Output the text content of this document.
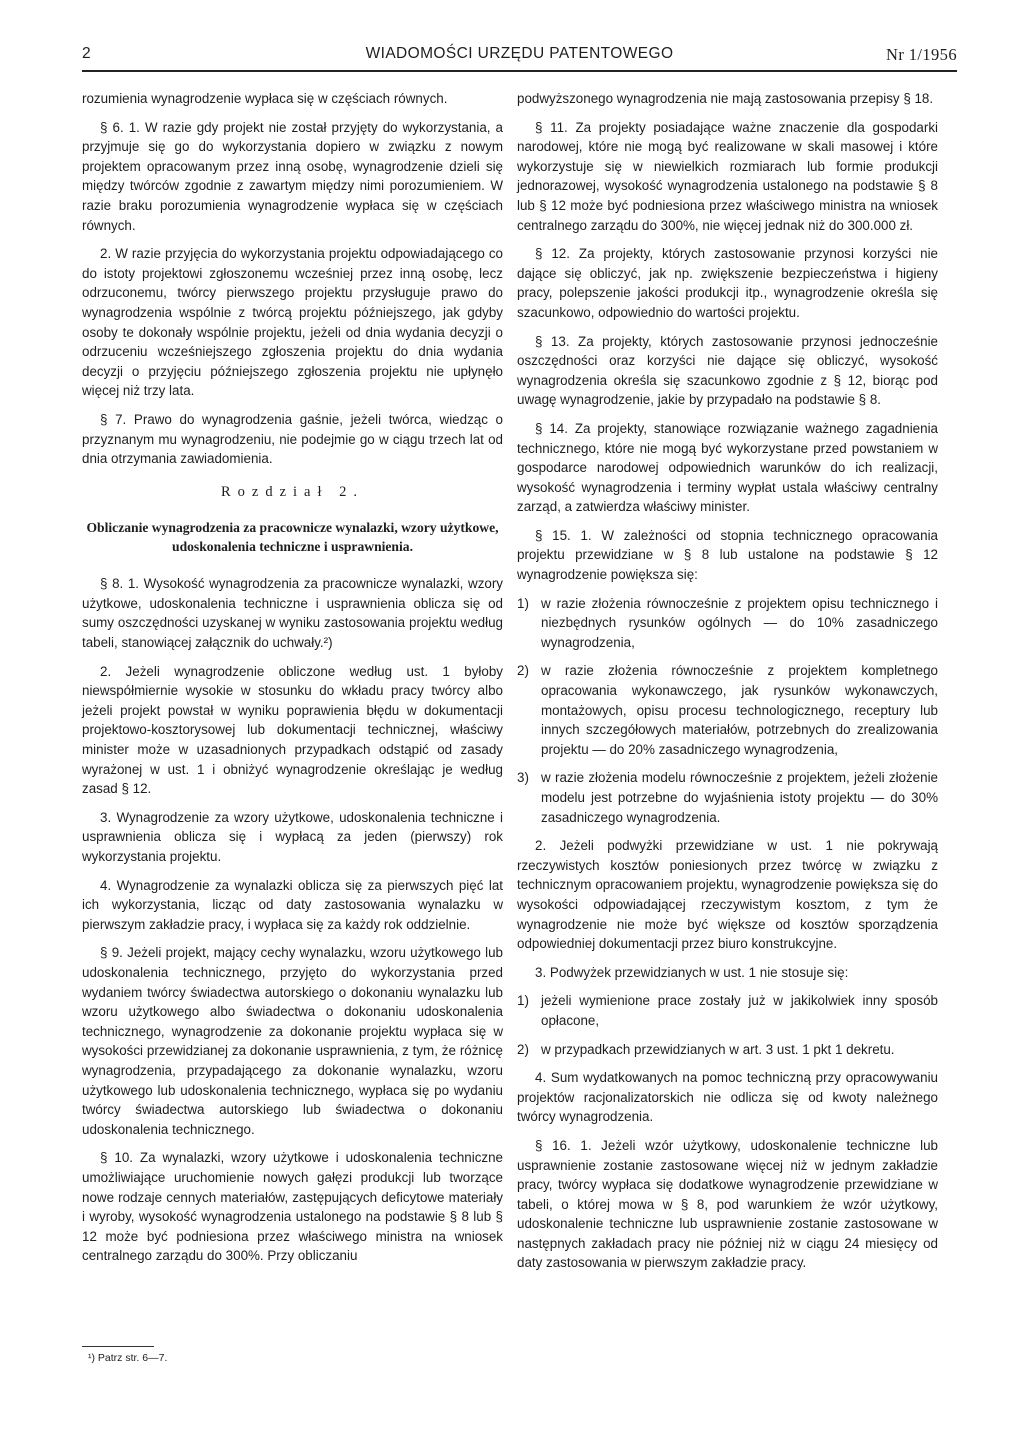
2	WIADOMOŚCI URZĘDU PATENTOWEGO	Nr 1/1956

rozumienia wynagrodzenie wypłaca się w częściach równych.

§ 6. 1. W razie gdy projekt nie został przyjęty do wykorzystania, a przyjmuje się go do wykorzystania dopiero w związku z nowym projektem opracowanym przez inną osobę, wynagrodzenie dzieli się między twórców zgodnie z zawartym między nimi porozumieniem. W razie braku porozumienia wynagrodzenie wypłaca się w częściach równych.

2. W razie przyjęcia do wykorzystania projektu odpowiadającego co do istoty projektowi zgłoszonemu wcześniej przez inną osobę, lecz odrzuconemu, twórcy pierwszego projektu przysługuje prawo do wynagrodzenia wspólnie z twórcą projektu późniejszego, jak gdyby osoby te dokonały wspólnie projektu, jeżeli od dnia wydania decyzji o odrzuceniu wcześniejszego zgłoszenia projektu do dnia wydania decyzji o przyjęciu późniejszego zgłoszenia projektu nie upłynęło więcej niż trzy lata.

§ 7. Prawo do wynagrodzenia gaśnie, jeżeli twórca, wiedząc o przyznanym mu wynagrodzeniu, nie podejmie go w ciągu trzech lat od dnia otrzymania zawiadomienia.

Rozdział 2.
Obliczanie wynagrodzenia za pracownicze wynalazki, wzory użytkowe, udoskonalenia techniczne i usprawnienia.

§ 8. 1. Wysokość wynagrodzenia za pracownicze wynalazki, wzory użytkowe, udoskonalenia techniczne i usprawnienia oblicza się od sumy oszczędności uzyskanej w wyniku zastosowania projektu według tabeli, stanowiącej załącznik do uchwały.²)

2. Jeżeli wynagrodzenie obliczone według ust. 1 byłoby niewspółmiernie wysokie w stosunku do wkładu pracy twórcy albo jeżeli projekt powstał w wyniku poprawienia błędu w dokumentacji projektowo-kosztorysowej lub dokumentacji technicznej, właściwy minister może w uzasadnionych przypadkach odstąpić od zasady wyrażonej w ust. 1 i obniżyć wynagrodzenie określając je według zasad § 12.

3. Wynagrodzenie za wzory użytkowe, udoskonalenia techniczne i usprawnienia oblicza się i wypłacą za jeden (pierwszy) rok wykorzystania projektu.

4. Wynagrodzenie za wynalazki oblicza się za pierwszych pięć lat ich wykorzystania, licząc od daty zastosowania wynalazku w pierwszym zakładzie pracy, i wypłaca się za każdy rok oddzielnie.

§ 9. Jeżeli projekt, mający cechy wynalazku, wzoru użytkowego lub udoskonalenia technicznego, przyjęto do wykorzystania przed wydaniem twórcy świadectwa autorskiego o dokonaniu wynalazku lub wzoru użytkowego albo świadectwa o dokonaniu udoskonalenia technicznego, wynagrodzenie za dokonanie projektu wypłaca się w wysokości przewidzianej za dokonanie usprawnienia, z tym, że różnicę wynagrodzenia, przypadającego za dokonanie wynalazku, wzoru użytkowego lub udoskonalenia technicznego, wypłaca się po wydaniu twórcy świadectwa autorskiego lub świadectwa o dokonaniu udoskonalenia technicznego.

§ 10. Za wynalazki, wzory użytkowe i udoskonalenia techniczne umożliwiające uruchomienie nowych gałęzi produkcji lub tworzące nowe rodzaje cennych materiałów, zastępujących deficytowe materiały i wyroby, wysokość wynagrodzenia ustalonego na podstawie § 8 lub § 12 może być podniesiona przez właściwego ministra na wniosek centralnego zarządu do 300%. Przy obliczaniu

¹) Patrz str. 6—7.

podwyższonego wynagrodzenia nie mają zastosowania przepisy § 18.

§ 11. Za projekty posiadające ważne znaczenie dla gospodarki narodowej, które nie mogą być realizowane w skali masowej i które wykorzystuje się w niewielkich rozmiarach lub formie produkcji jednorazowej, wysokość wynagrodzenia ustalonego na podstawie § 8 lub § 12 może być podniesiona przez właściwego ministra na wniosek centralnego zarządu do 300%, nie więcej jednak niż do 300.000 zł.

§ 12. Za projekty, których zastosowanie przynosi korzyści nie dające się obliczyć, jak np. zwiększenie bezpieczeństwa i higieny pracy, polepszenie jakości produkcji itp., wynagrodzenie określa się szacunkowo, odpowiednio do wartości projektu.

§ 13. Za projekty, których zastosowanie przynosi jednocześnie oszczędności oraz korzyści nie dające się obliczyć, wysokość wynagrodzenia określa się szacunkowo zgodnie z § 12, biorąc pod uwagę wynagrodzenie, jakie by przypadało na podstawie § 8.

§ 14. Za projekty, stanowiące rozwiązanie ważnego zagadnienia technicznego, które nie mogą być wykorzystane przed powstaniem w gospodarce narodowej odpowiednich warunków do ich realizacji, wysokość wynagrodzenia i terminy wypłat ustala właściwy centralny zarząd, a zatwierdza właściwy minister.

§ 15. 1. W zależności od stopnia technicznego opracowania projektu przewidziane w § 8 lub ustalone na podstawie § 12 wynagrodzenie powiększa się:

1) w razie złożenia równocześnie z projektem opisu technicznego i niezbędnych rysunków ogólnych — do 10% zasadniczego wynagrodzenia,
2) w razie złożenia równocześnie z projektem kompletnego opracowania wykonawczego, jak rysunków wykonawczych, montażowych, opisu procesu technologicznego, receptury lub innych szczegółowych materiałów, potrzebnych do zrealizowania projektu — do 20% zasadniczego wynagrodzenia,
3) w razie złożenia modelu równocześnie z projektem, jeżeli złożenie modelu jest potrzebne do wyjaśnienia istoty projektu — do 30% zasadniczego wynagrodzenia.

2. Jeżeli podwyżki przewidziane w ust. 1 nie pokrywają rzeczywistych kosztów poniesionych przez twórcę w związku z technicznym opracowaniem projektu, wynagrodzenie powiększa się do wysokości odpowiadającej rzeczywistym kosztom, z tym że wynagrodzenie nie może być większe od kosztów sporządzenia odpowiedniej dokumentacji przez biuro konstrukcyjne.

3. Podwyżek przewidzianych w ust. 1 nie stosuje się:

1) jeżeli wymienione prace zostały już w jakikolwiek inny sposób opłacone,
2) w przypadkach przewidzianych w art. 3 ust. 1 pkt 1 dekretu.

4. Sum wydatkowanych na pomoc techniczną przy opracowywaniu projektów racjonalizatorskich nie odlicza się od kwoty należnego twórcy wynagrodzenia.

§ 16. 1. Jeżeli wzór użytkowy, udoskonalenie techniczne lub usprawnienie zostanie zastosowane więcej niż w jednym zakładzie pracy, twórcy wypłaca się dodatkowe wynagrodzenie przewidziane w tabeli, o której mowa w § 8, pod warunkiem że wzór użytkowy, udoskonalenie techniczne lub usprawnienie zostanie zastosowane w następnych zakładach pracy nie później niż w ciągu 24 miesięcy od daty zastosowania w pierwszym zakładzie pracy.
